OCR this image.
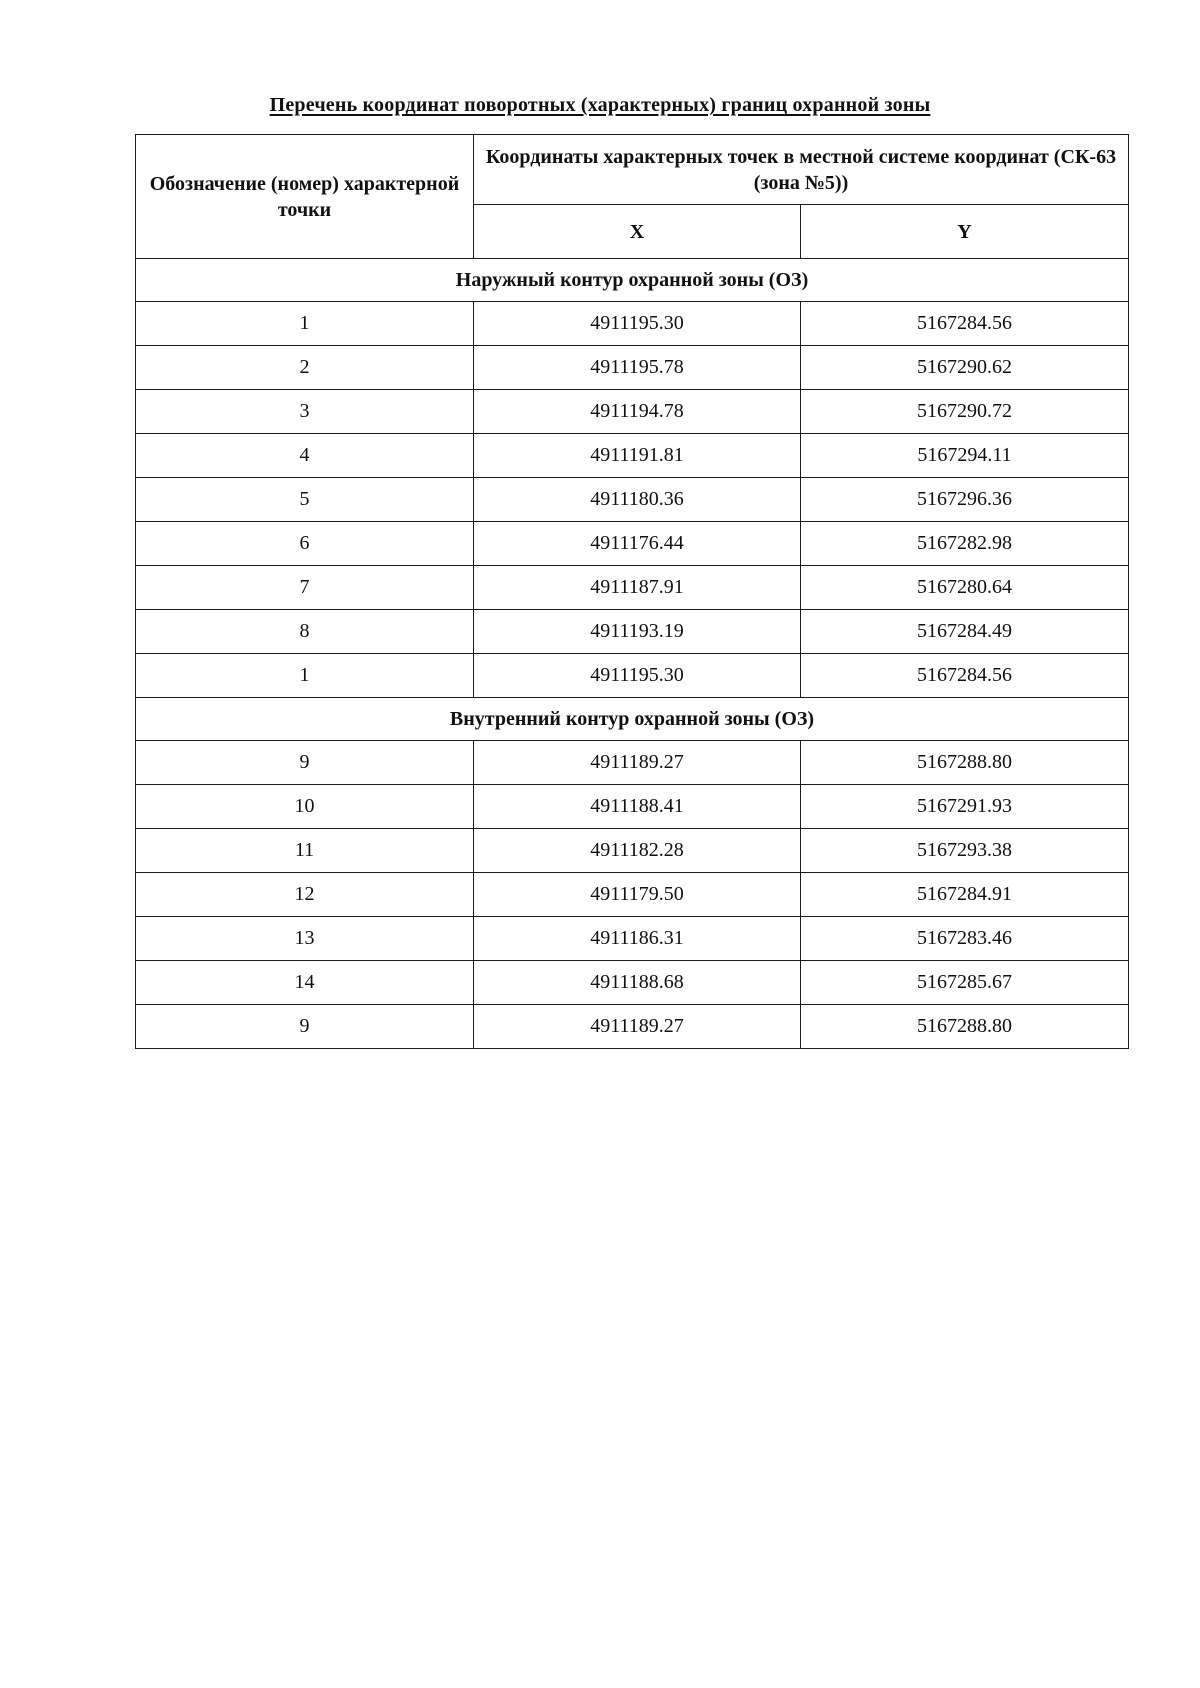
Перечень координат поворотных (характерных) границ охранной зоны
Обозначение (номер) характерной точки	Координаты характерных точек в местной системе координат (СК-63 (зона №5))	
	X	Y
Наружный контур охранной зоны (ОЗ)		
1	4911195.30	5167284.56
2	4911195.78	5167290.62
3	4911194.78	5167290.72
4	4911191.81	5167294.11
5	4911180.36	5167296.36
6	4911176.44	5167282.98
7	4911187.91	5167280.64
8	4911193.19	5167284.49
1	4911195.30	5167284.56
Внутренний контур охранной зоны (ОЗ)		
9	4911189.27	5167288.80
10	4911188.41	5167291.93
11	4911182.28	5167293.38
12	4911179.50	5167284.91
13	4911186.31	5167283.46
14	4911188.68	5167285.67
9	4911189.27	5167288.80
